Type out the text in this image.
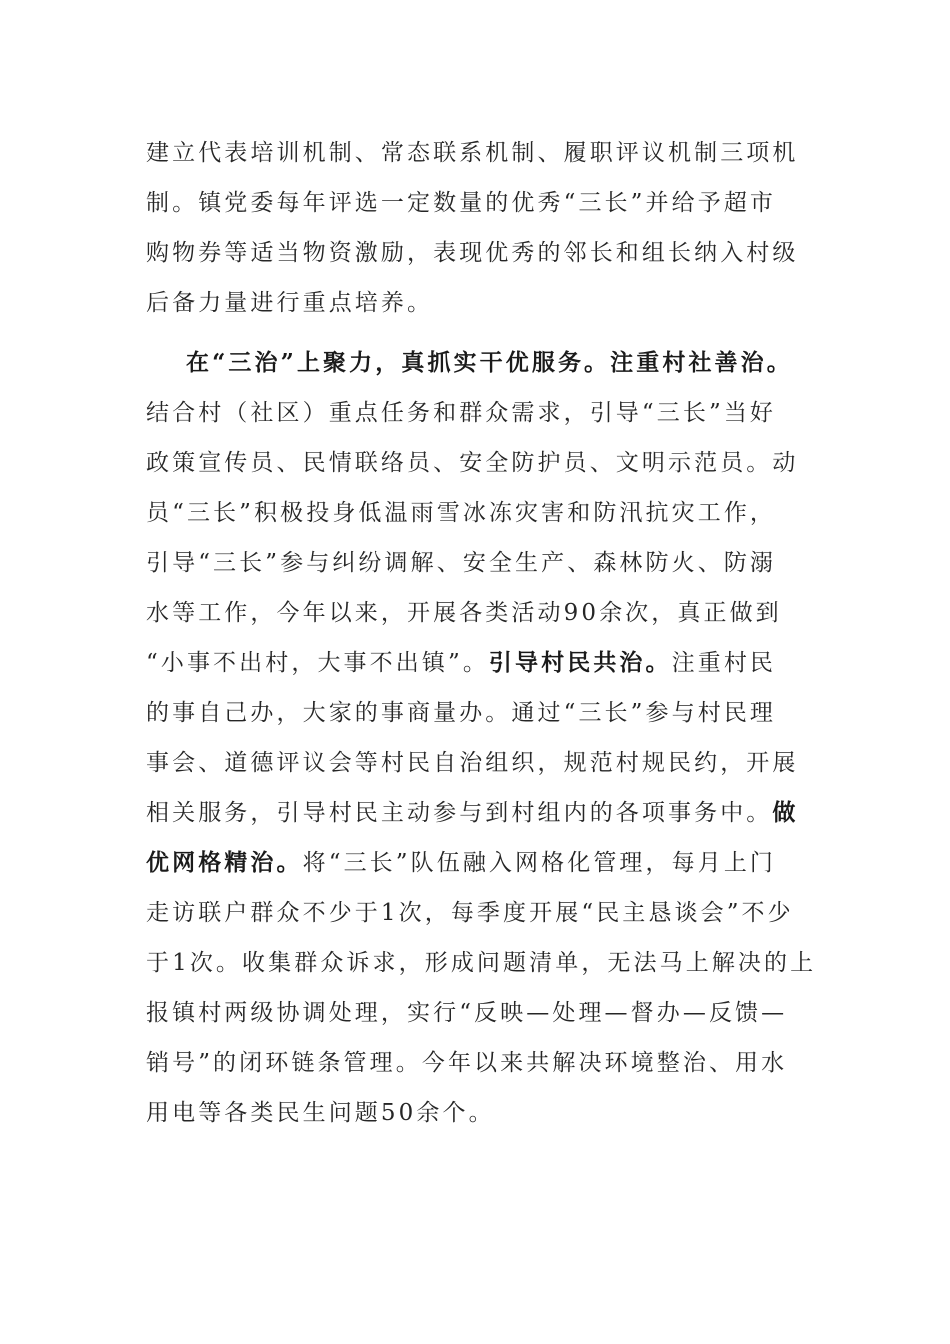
建立代表培训机制、常态联系机制、履职评议机制三项机
制。镇党委每年评选一定数量的优秀“三长”并给予超市
购物券等适当物资激励，表现优秀的邻长和组长纳入村级
后备力量进行重点培养。
在“三治”上聚力，真抓实干优服务。注重村社善治。
结合村（社区）重点任务和群众需求，引导“三长”当好
政策宣传员、民情联络员、安全防护员、文明示范员。动
员“三长”积极投身低温雨雪冰冻灾害和防汛抗灾工作，
引导“三长”参与纠纷调解、安全生产、森林防火、防溺
水等工作，今年以来，开展各类活动90余次，真正做到
“小事不出村，大事不出镇”。引导村民共治。注重村民
的事自己办，大家的事商量办。通过“三长”参与村民理
事会、道德评议会等村民自治组织，规范村规民约，开展
相关服务，引导村民主动参与到村组内的各项事务中。做
优网格精治。将“三长”队伍融入网格化管理，每月上门
走访联户群众不少于1次，每季度开展“民主恳谈会”不少
于1次。收集群众诉求，形成问题清单，无法马上解决的上
报镇村两级协调处理，实行“反映—处理—督办—反馈—
销号”的闭环链条管理。今年以来共解决环境整治、用水
用电等各类民生问题50余个。
